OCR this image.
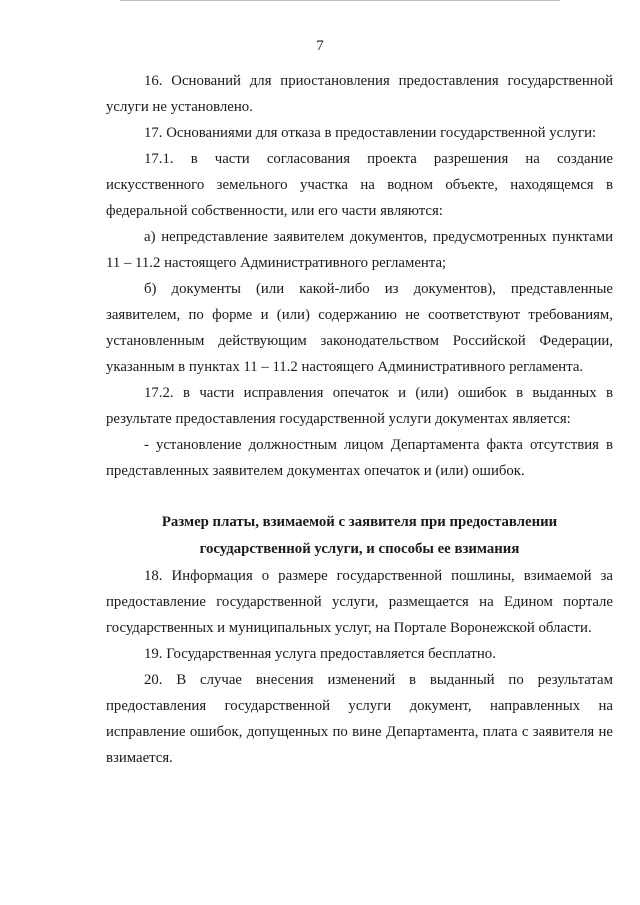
7

16. Оснований для приостановления предоставления государственной услуги не установлено.

17. Основаниями для отказа в предоставлении государственной услуги:

17.1. в части согласования проекта разрешения на создание искусственного земельного участка на водном объекте, находящемся в федеральной собственности, или его части являются:

а) непредставление заявителем документов, предусмотренных пунктами 11 – 11.2 настоящего Административного регламента;

б) документы (или какой-либо из документов), представленные заявителем, по форме и (или) содержанию не соответствуют требованиям, установленным действующим законодательством Российской Федерации, указанным в пунктах 11 – 11.2 настоящего Административного регламента.

17.2. в части исправления опечаток и (или) ошибок в выданных в результате предоставления государственной услуги документах является:

- установление должностным лицом Департамента факта отсутствия в представленных заявителем документах опечаток и (или) ошибок.

Размер платы, взимаемой с заявителя при предоставлении

государственной услуги, и способы ее взимания

18. Информация о размере государственной пошлины, взимаемой за предоставление государственной услуги, размещается на Едином портале государственных и муниципальных услуг, на Портале Воронежской области.

19. Государственная услуга предоставляется бесплатно.

20. В случае внесения изменений в выданный по результатам предоставления государственной услуги документ, направленных на исправление ошибок, допущенных по вине Департамента, плата с заявителя не взимается.
